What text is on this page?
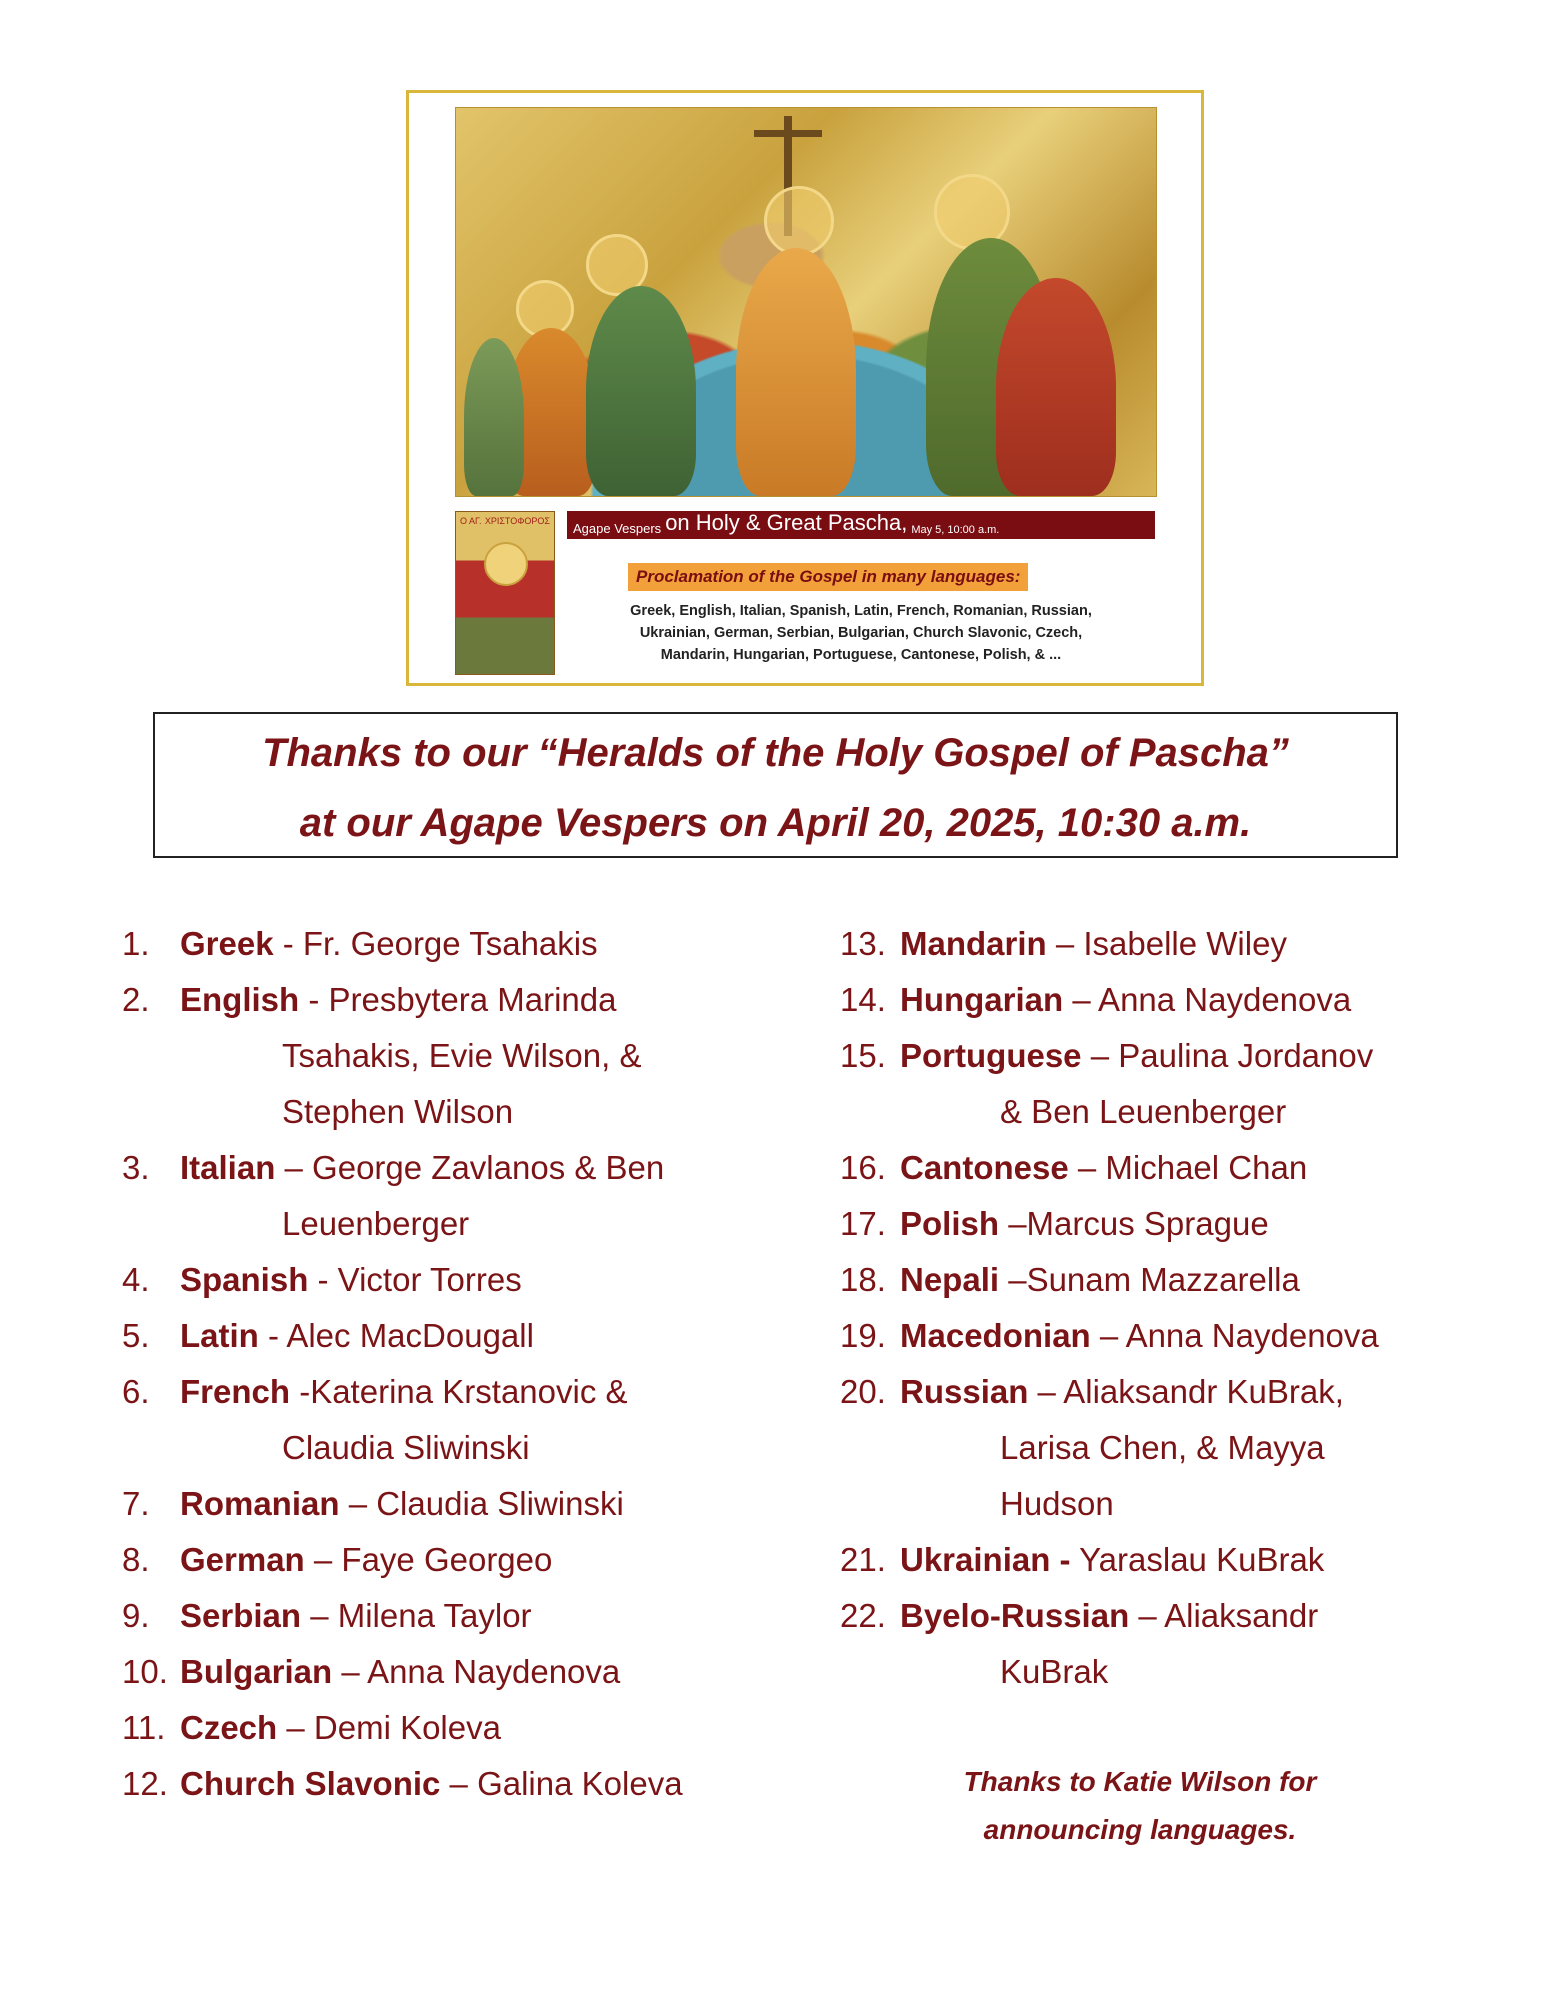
Ο ΑΓ. ΧΡΙΣΤΟΦΟΡΟΣ Agape Vespers on Holy & Great Pascha, May 5, 10:00 a.m.
Proclamation of the Gospel in many languages:
Greek, English, Italian, Spanish, Latin, French, Romanian, Russian,
Ukrainian, German, Serbian, Bulgarian, Church Slavonic, Czech,
Mandarin, Hungarian, Portuguese, Cantonese, Polish, & ...
Thanks to our “Heralds of the Holy Gospel of Pascha”
at our Agape Vespers on April 20, 2025, 10:30 a.m.
1. Greek - Fr. George Tsahakis
2. English - Presbytera Marinda
Tsahakis, Evie Wilson, &
Stephen Wilson
3. Italian – George Zavlanos & Ben
Leuenberger
4. Spanish - Victor Torres
5. Latin - Alec MacDougall
6. French -Katerina Krstanovic &
Claudia Sliwinski
7. Romanian – Claudia Sliwinski
8. German – Faye Georgeo
9. Serbian – Milena Taylor
10. Bulgarian – Anna Naydenova
11. Czech – Demi Koleva
12. Church Slavonic – Galina Koleva
13. Mandarin – Isabelle Wiley
14. Hungarian – Anna Naydenova
15. Portuguese – Paulina Jordanov
& Ben Leuenberger
16. Cantonese – Michael Chan
17. Polish –Marcus Sprague
18. Nepali –Sunam Mazzarella
19. Macedonian – Anna Naydenova
20. Russian – Aliaksandr KuBrak,
Larisa Chen, & Mayya
Hudson
21. Ukrainian - Yaraslau KuBrak
22. Byelo-Russian – Aliaksandr
KuBrak
Thanks to Katie Wilson for
announcing languages.
